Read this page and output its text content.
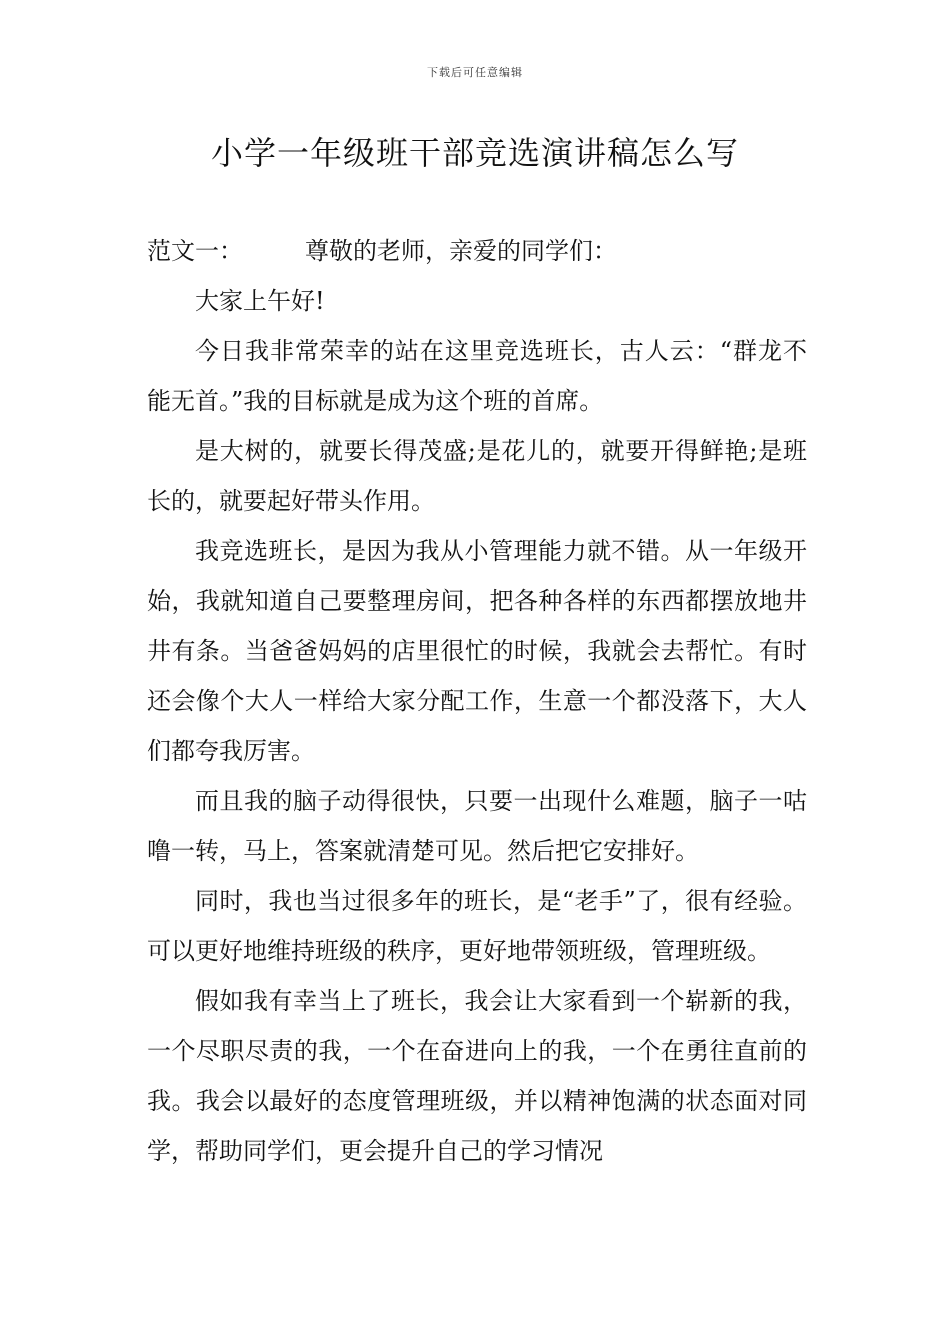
下载后可任意编辑
小学一年级班干部竞选演讲稿怎么写

范文一：	尊敬的老师，亲爱的同学们：

大家上午好!

今日我非常荣幸的站在这里竞选班长，古人云：“群龙不能无首。”我的目标就是成为这个班的首席。

是大树的，就要长得茂盛;是花儿的，就要开得鲜艳;是班长的，就要起好带头作用。

我竞选班长，是因为我从小管理能力就不错。从一年级开始，我就知道自己要整理房间，把各种各样的东西都摆放地井井有条。当爸爸妈妈的店里很忙的时候，我就会去帮忙。有时还会像个大人一样给大家分配工作，生意一个都没落下，大人们都夸我厉害。

而且我的脑子动得很快，只要一出现什么难题，脑子一咕噜一转，马上，答案就清楚可见。然后把它安排好。

同时，我也当过很多年的班长，是“老手”了，很有经验。可以更好地维持班级的秩序，更好地带领班级，管理班级。

假如我有幸当上了班长，我会让大家看到一个崭新的我，一个尽职尽责的我，一个在奋进向上的我，一个在勇往直前的我。我会以最好的态度管理班级，并以精神饱满的状态面对同学，帮助同学们，更会提升自己的学习情况
